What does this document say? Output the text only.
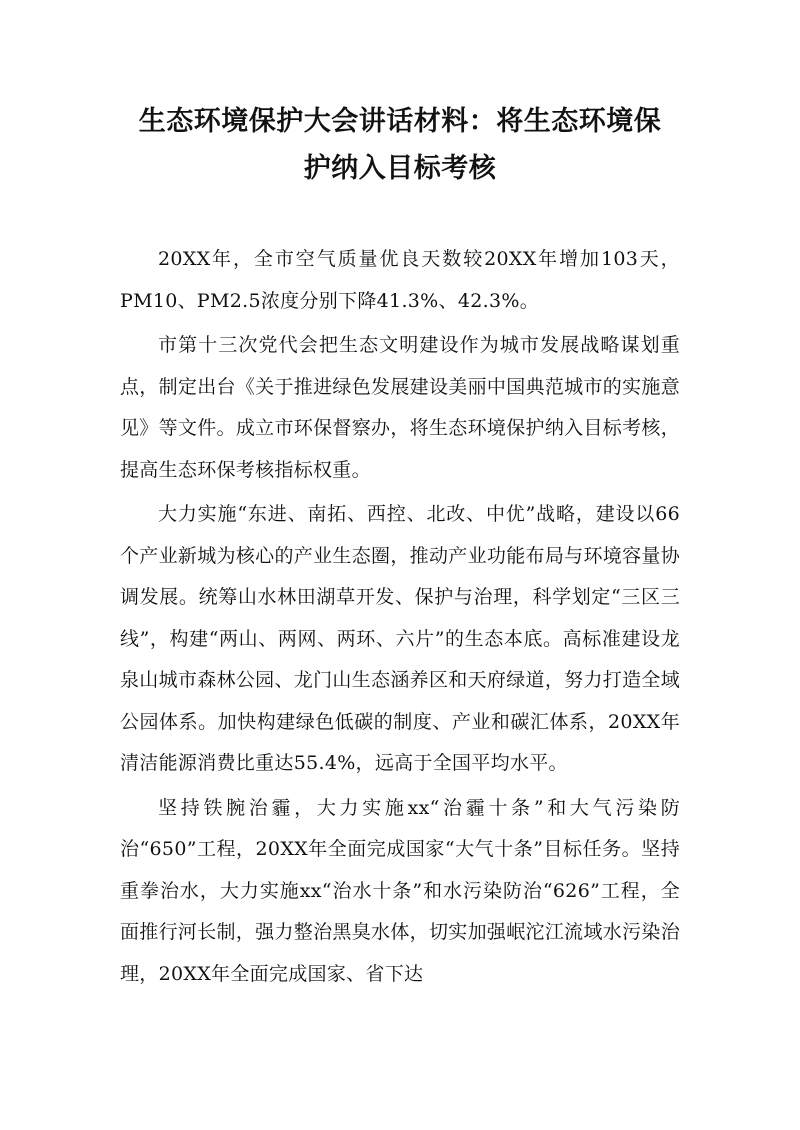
生态环境保护大会讲话材料：将生态环境保
护纳入目标考核

20XX年，全市空气质量优良天数较20XX年增加103天，PM10、PM2.5浓度分别下降41.3%、42.3%。

市第十三次党代会把生态文明建设作为城市发展战略谋划重点，制定出台《关于推进绿色发展建设美丽中国典范城市的实施意见》等文件。成立市环保督察办，将生态环境保护纳入目标考核，提高生态环保考核指标权重。

大力实施“东进、南拓、西控、北改、中优”战略，建设以66个产业新城为核心的产业生态圈，推动产业功能布局与环境容量协调发展。统筹山水林田湖草开发、保护与治理，科学划定“三区三线”，构建“两山、两网、两环、六片”的生态本底。高标准建设龙泉山城市森林公园、龙门山生态涵养区和天府绿道，努力打造全域公园体系。加快构建绿色低碳的制度、产业和碳汇体系，20XX年清洁能源消费比重达55.4%，远高于全国平均水平。

坚持铁腕治霾，大力实施xx“治霾十条”和大气污染防治“650”工程，20XX年全面完成国家“大气十条”目标任务。坚持重拳治水，大力实施xx“治水十条”和水污染防治“626”工程，全面推行河长制，强力整治黑臭水体，切实加强岷沱江流域水污染治理，20XX年全面完成国家、省下达
